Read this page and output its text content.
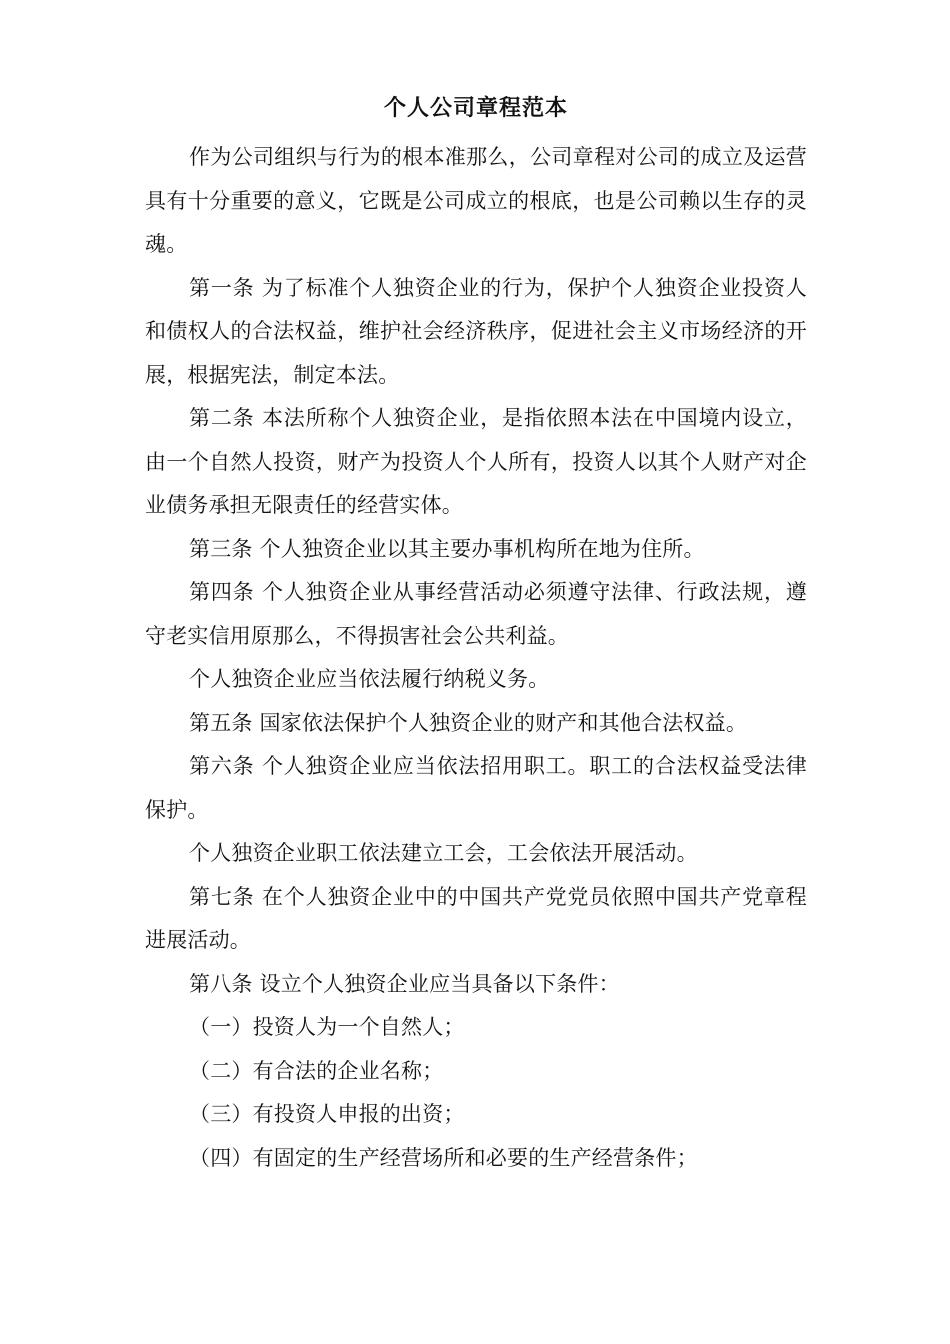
个人公司章程范本

作为公司组织与行为的根本准那么，公司章程对公司的成立及运营具有十分重要的意义，它既是公司成立的根底，也是公司赖以生存的灵魂。

第一条 为了标准个人独资企业的行为，保护个人独资企业投资人和债权人的合法权益，维护社会经济秩序，促进社会主义市场经济的开展，根据宪法，制定本法。

第二条 本法所称个人独资企业，是指依照本法在中国境内设立，由一个自然人投资，财产为投资人个人所有，投资人以其个人财产对企业债务承担无限责任的经营实体。

第三条 个人独资企业以其主要办事机构所在地为住所。

第四条 个人独资企业从事经营活动必须遵守法律、行政法规，遵守老实信用原那么，不得损害社会公共利益。

个人独资企业应当依法履行纳税义务。

第五条 国家依法保护个人独资企业的财产和其他合法权益。

第六条 个人独资企业应当依法招用职工。职工的合法权益受法律保护。

个人独资企业职工依法建立工会，工会依法开展活动。

第七条 在个人独资企业中的中国共产党党员依照中国共产党章程进展活动。

第八条 设立个人独资企业应当具备以下条件：

（一）投资人为一个自然人；

（二）有合法的企业名称；

（三）有投资人申报的出资；

（四）有固定的生产经营场所和必要的生产经营条件；
